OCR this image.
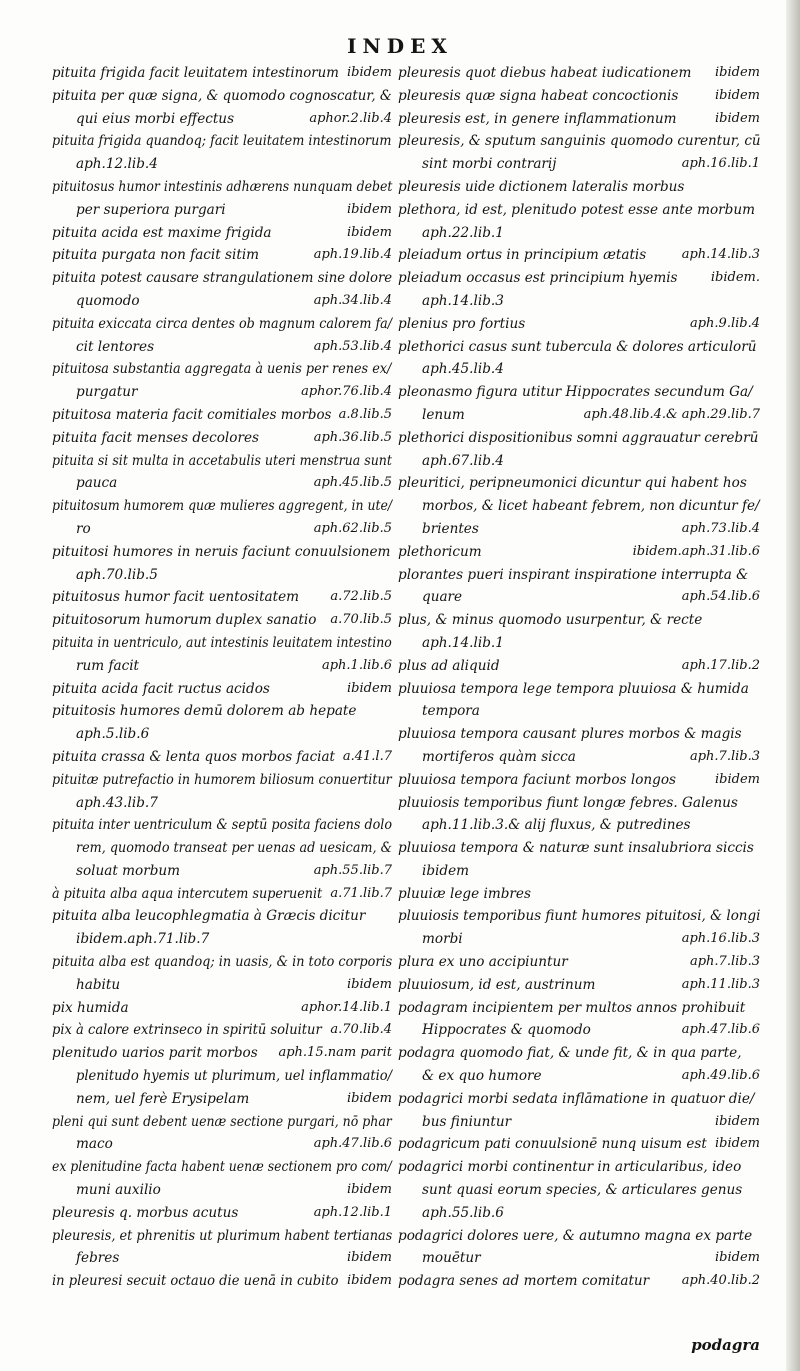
INDEX
pituita frigida facit leuitatem intestinorum ibidem
pituita per quæ signa, & quomodo cognoscatur, &
qui eius morbi effectus	aphor.2.lib.4
pituita frigida quandoq; facit leuitatem intestinorum
aph.12.lib.4
pituitosus humor intestinis adhærens nunquam debet
per superiora purgari	ibidem
pituita acida est maxime frigida	ibidem
pituita purgata non facit sitim	aph.19.lib.4
pituita potest causare strangulationem sine dolore
quomodo	aph.34.lib.4
pituita exiccata circa dentes ob magnum calorem fa/
cit lentores	aph.53.lib.4
pituitosa substantia aggregata à uenis per renes ex/
purgatur	aphor.76.lib.4
pituitosa materia facit comitiales morbos a.8.lib.5
pituita facit menses decolores	aph.36.lib.5
pituita si sit multa in accetabulis uteri menstrua sunt
pauca	aph.45.lib.5
pituitosum humorem quæ mulieres aggregent, in ute/
ro	aph.62.lib.5
pituitosi humores in neruis faciunt conuulsionem
aph.70.lib.5
pituitosus humor facit uentositatem a.72.lib.5
pituitosorum humorum duplex sanatio a.70.lib.5
pituita in uentriculo, aut intestinis leuitatem intestino
rum facit	aph.1.lib.6
pituita acida facit ructus acidos	ibidem
pituitosis humores demū dolorem ab hepate
aph.5.lib.6
pituita crassa & lenta quos morbos faciat a.41.l.7
pituitæ putrefactio in humorem biliosum conuertitur
aph.43.lib.7
pituita inter uentriculum & septū posita faciens dolo
rem, quomodo transeat per uenas ad uesicam, &
soluat morbum	aph.55.lib.7
à pituita alba aqua intercutem superuenit a.71.lib.7
pituita alba leucophlegmatia à Græcis dicitur
ibidem.aph.71.lib.7
pituita alba est quandoq; in uasis, & in toto corporis
habitu	ibidem
pix humida	aphor.14.lib.1
pix à calore extrinseco in spiritū soluitur a.70.lib.4
plenitudo uarios parit morbos aph.15.nam parit
plenitudo hyemis ut plurimum, uel inflammatio/
nem, uel ferè Erysipelam	ibidem
pleni qui sunt debent uenæ sectione purgari, nō phar
maco	aph.47.lib.6
ex plenitudine facta habent uenæ sectionem pro com/
muni auxilio	ibidem
pleuresis q. morbus acutus	aph.12.lib.1
pleuresis, et phrenitis ut plurimum habent tertianas
febres	ibidem
in pleuresi secuit octauo die uenā in cubito ibidem
pleuresis quot diebus habeat iudicationem ibidem
pleuresis quæ signa habeat concoctionis	ibidem
pleuresis est, in genere inflammationum	ibidem
pleuresis, & sputum sanguinis quomodo curentur, cū
sint morbi contrarij	aph.16.lib.1
pleuresis uide dictionem lateralis morbus
plethora, id est, plenitudo potest esse ante morbum
aph.22.lib.1
pleiadum ortus in principium ætatis	aph.14.lib.3
pleiadum occasus est principium hyemis	ibidem.
aph.14.lib.3
plenius pro fortius	aph.9.lib.4
plethorici casus sunt tubercula & dolores articulorū
aph.45.lib.4
pleonasmo figura utitur Hippocrates secundum Ga/
lenum	aph.48.lib.4.& aph.29.lib.7
plethorici dispositionibus somni aggrauatur cerebrū
aph.67.lib.4
pleuritici, peripneumonici dicuntur qui habent hos
morbos, & licet habeant febrem, non dicuntur fe/
brientes	aph.73.lib.4
plethoricum	ibidem.aph.31.lib.6
plorantes pueri inspirant inspiratione interrupta &
quare	aph.54.lib.6
plus, & minus quomodo usurpentur, & recte
aph.14.lib.1
plus ad aliquid	aph.17.lib.2
pluuiosa tempora lege tempora pluuiosa & humida
tempora
pluuiosa tempora causant plures morbos & magis
mortiferos quàm sicca	aph.7.lib.3
pluuiosa tempora faciunt morbos longos	ibidem
pluuiosis temporibus fiunt longæ febres. Galenus
aph.11.lib.3.& alij fluxus, & putredines
pluuiosa tempora & naturæ sunt insalubriora siccis
ibidem
pluuiæ lege imbres
pluuiosis temporibus fiunt humores pituitosi, & longi
morbi	aph.16.lib.3
plura ex uno accipiuntur	aph.7.lib.3
pluuiosum, id est, austrinum	aph.11.lib.3
podagram incipientem per multos annos prohibuit
Hippocrates & quomodo	aph.47.lib.6
podagra quomodo fiat, & unde fit, & in qua parte,
& ex quo humore	aph.49.lib.6
podagrici morbi sedata inflāmatione in quatuor die/
bus finiuntur	ibidem
podagricum pati conuulsionē nunq uisum est ibidem
podagrici morbi continentur in articularibus, ideo
sunt quasi eorum species, & articulares genus
aph.55.lib.6
podagrici dolores uere, & autumno magna ex parte
mouētur	ibidem
podagra senes ad mortem comitatur	aph.40.lib.2
podagra
